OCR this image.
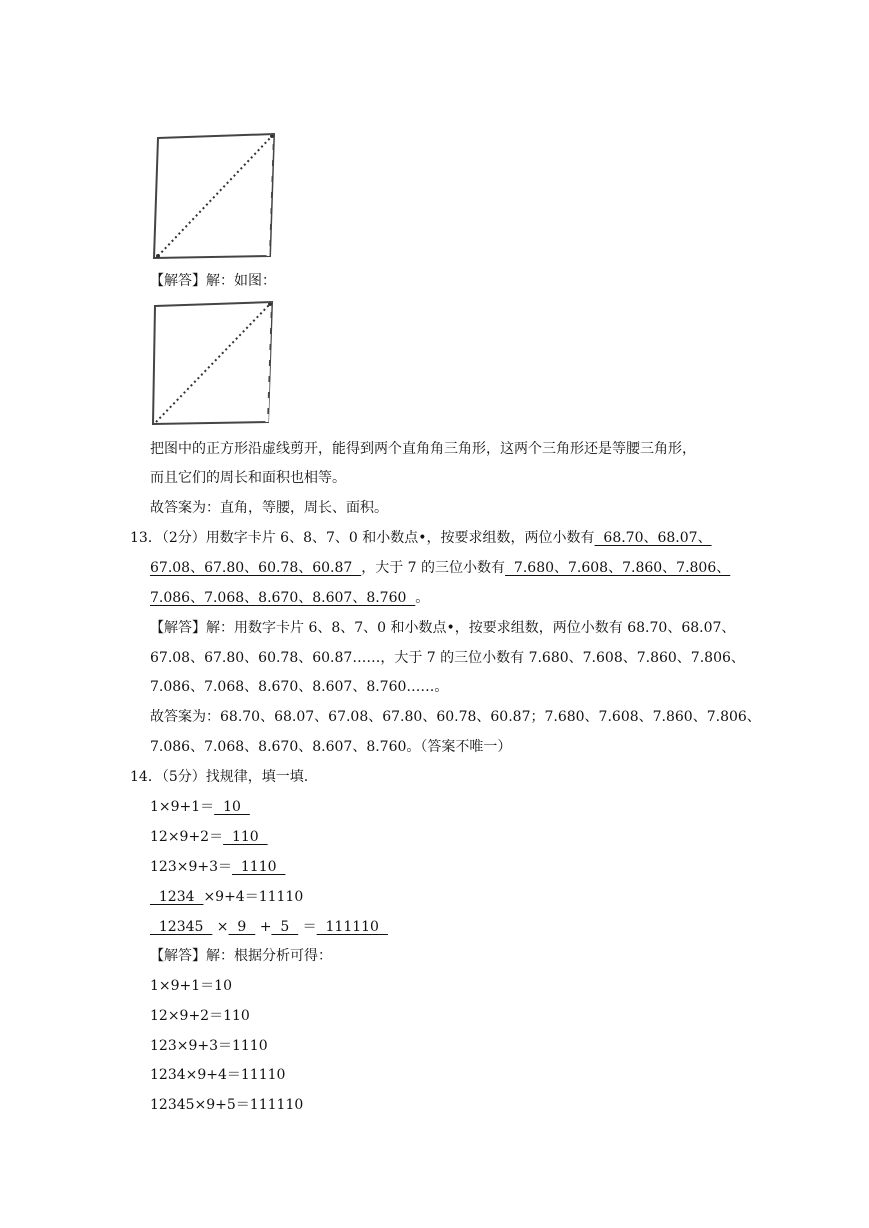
【解答】解：如图：
把图中的正方形沿虚线剪开，能得到两个直角角三角形，这两个三角形还是等腰三角形，
而且它们的周长和面积也相等。
故答案为：直角，等腰，周长、面积。
13．（2分）用数字卡片 6、8、7、0 和小数点•，按要求组数，两位小数有  68.70、68.07、
67.08、67.80、60.78、60.87  ，大于 7 的三位小数有  7.680、7.608、7.860、7.806、
7.086、7.068、8.670、8.607、8.760  。
【解答】解：用数字卡片 6、8、7、0 和小数点•，按要求组数，两位小数有 68.70、68.07、
67.08、67.80、60.78、60.87……，大于 7 的三位小数有 7.680、7.608、7.860、7.806、
7.086、7.068、8.670、8.607、8.760……。
故答案为：68.70、68.07、67.08、67.80、60.78、60.87；7.680、7.608、7.860、7.806、
7.086、7.068、8.670、8.607、8.760。（答案不唯一）
14．（5分）找规律，填一填.
1×9+1＝  10
12×9+2＝  110
123×9+3＝  1110
1234  ×9+4＝11110
12345   ×  9   +  5   ＝  111110
【解答】解：根据分析可得：
1×9+1＝10
12×9+2＝110
123×9+3＝1110
1234×9+4＝11110
12345×9+5＝111110
